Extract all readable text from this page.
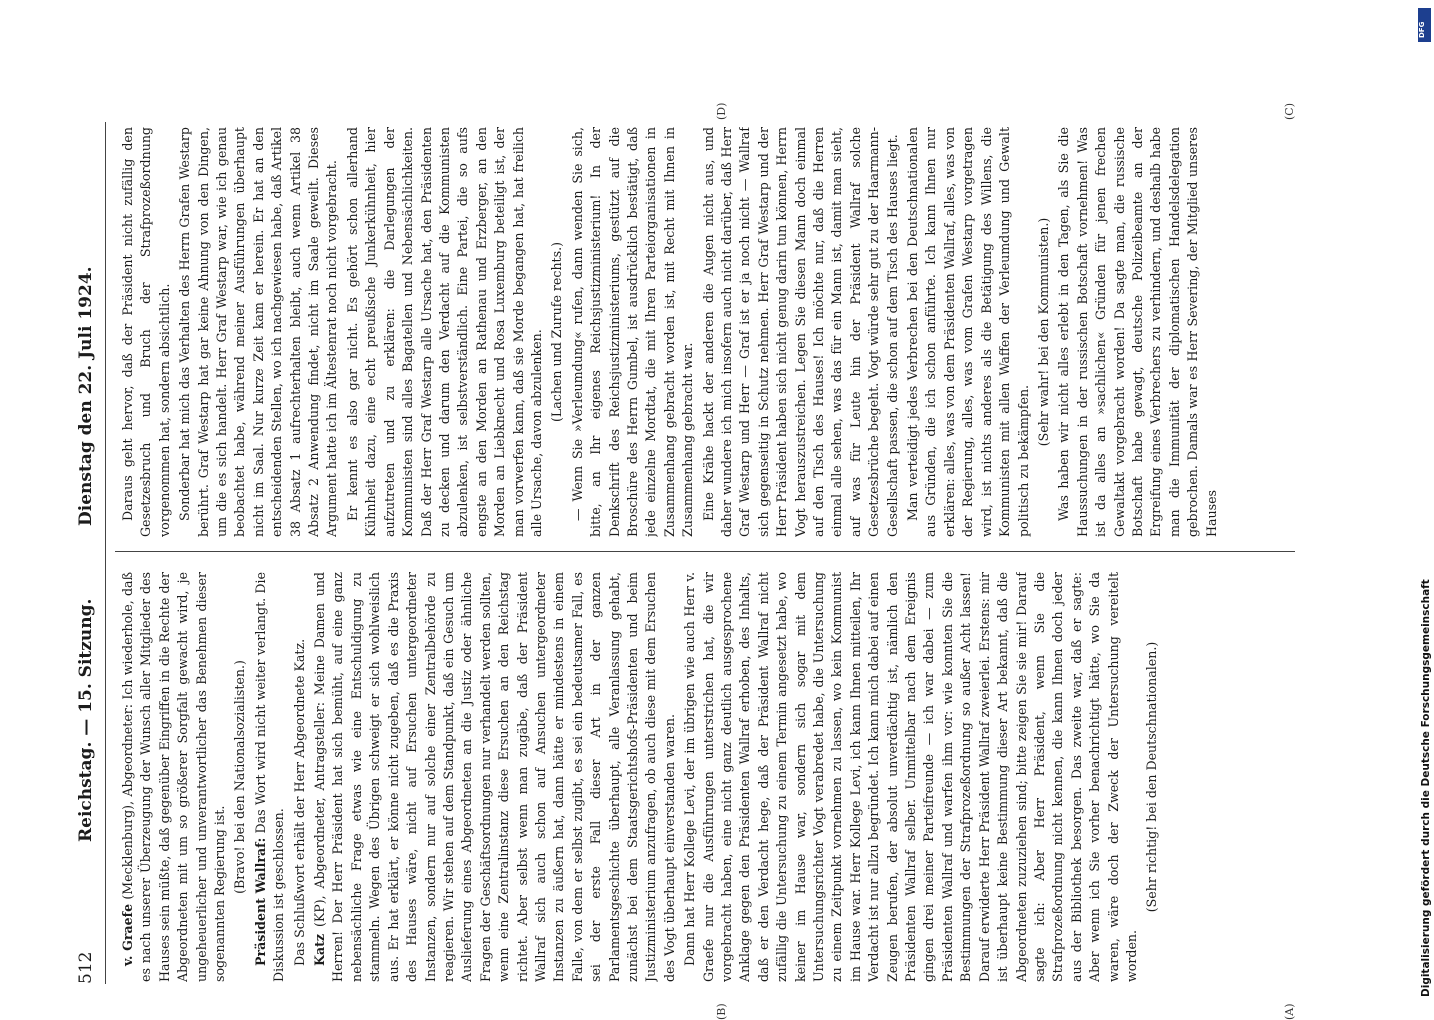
512
Reichstag. — 15. Sitzung.
Dienstag den 22. Juli 1924.

v. Graefe (Mecklenburg), Abgeordneter: Ich wiederhole, daß es nach unserer Überzeugung der Wunsch aller Mitglieder des Hauses sein müßte, daß gegenüber Eingriffen in die Rechte der Abgeordneten mit um so größerer Sorgfalt gewacht wird, je ungeheuerlicher und unverantwortlicher das Benehmen dieser sogenannten Regierung ist. (Bravo! bei den Nationalsozialisten.)

Präsident Wallraf: Das Wort wird nicht weiter verlangt. Die Diskussion ist geschlossen. Das Schlußwort erhält der Herr Abgeordnete Katz. Katz (KP), Abgeordneter, Antragsteller: Meine Damen und Herren! Der Herr Präsident hat sich bemüht, auf eine ganz nebensächliche Frage etwas wie eine Entschuldigung zu stammeln. Wegen des Übrigen schweigt er sich wohlweislich aus. Er hat erklärt, er könne nicht zugeben, daß es die Praxis des Hauses wäre, nicht auf Ersuchen untergeordneter Instanzen, sondern nur auf solche einer Zentralbehörde zu reagieren. Wir stehen auf dem Standpunkt, daß ein Gesuch um Auslieferung eines Abgeordneten an die Justiz oder ähnliche Fragen der Geschäftsordnungen nur verhandelt werden sollten, wenn eine Zentralinstanz diese Ersuchen an den Reichstag richtet. Aber selbst wenn man zugäbe, daß der Präsident Wallraf sich auch schon auf Ansuchen untergeordneter Instanzen zu äußern hat, dann hätte er mindestens in einem Falle, von dem er selbst zugibt, es sei ein bedeutsamer Fall, es sei der erste Fall dieser Art in der ganzen Parlamentsgeschichte überhaupt, alle Veranlassung gehabt, zunächst bei dem Staatsgerichtshofs-Präsidenten und beim Justizministerium anzufragen, ob auch diese mit dem Ersuchen des Vogt überhaupt einverstanden waren. Dann hat Herr Kollege Levi, der im übrigen wie auch Herr v. Graefe nur die Ausführungen unterstrichen hat, die wir vorgebracht haben, eine nicht ganz deutlich ausgesprochene Anklage gegen den Präsidenten Wallraf erhoben, des Inhalts, daß er den Verdacht hege, daß der Präsident Wallraf nicht zufällig die Untersuchung zu einem Termin angesetzt habe, wo keiner im Hause war, sondern sich sogar mit dem Untersuchungsrichter Vogt verabredet habe, die Untersuchung zu einem Zeitpunkt vornehmen zu lassen, wo kein Kommunist im Hause war. Herr Kollege Levi, ich kann Ihnen mitteilen, Ihr Verdacht ist nur allzu begründet. Ich kann mich dabei auf einen Zeugen berufen, der absolut unverdächtig ist, nämlich den Präsidenten Wallraf selber. Unmittelbar nach dem Ereignis gingen drei meiner Parteifreunde — ich war dabei — zum Präsidenten Wallraf und warfen ihm vor: wie konnten Sie die Bestimmungen der Strafprozeßordnung so außer Acht lassen! Darauf erwiderte Herr Präsident Wallraf zweierlei. Erstens: mir ist überhaupt keine Bestimmung dieser Art bekannt, daß die Abgeordneten zuzuziehen sind; bitte zeigen Sie sie mir! Darauf sagte ich: Aber Herr Präsident, wenn Sie die Strafprozeßordnung nicht kennen, die kann Ihnen doch jeder aus der Bibliothek besorgen. Das zweite war, daß er sagte: Aber wenn ich Sie vorher benachrichtigt hätte, wo Sie da waren, wäre doch der Zweck der Untersuchung vereitelt worden.

(Sehr richtig! bei den Deutschnationalen.)

Daraus geht hervor, daß der Präsident nicht zufällig den Gesetzesbruch und Bruch der Strafprozeßordnung vorgenommen hat, sondern absichtlich. Sonderbar hat mich das Verhalten des Herrn Grafen Westarp berührt. Graf Westarp hat gar keine Ahnung von den Dingen, um die es sich handelt. Herr Graf Westarp war, wie ich genau beobachtet habe, während meiner Ausführungen überhaupt nicht im Saal. Nur kurze Zeit kam er herein. Er hat an den entscheidenden Stellen, wo ich nachgewiesen habe, daß Artikel 38 Absatz 1 aufrechterhalten bleibt, auch wenn Artikel 38 Absatz 2 Anwendung findet, nicht im Saale geweilt. Dieses Argument hatte ich im Ältestenrat noch nicht vorgebracht. Er kennt es also gar nicht. Es gehört schon allerhand Kühnheit dazu, eine echt preußische Junkerkühnheit, hier aufzutreten und zu erklären: die Darlegungen der Kommunisten sind alles Bagatellen und Nebensächlichkeiten. Daß der Herr Graf Westarp alle Ursache hat, den Präsidenten zu decken und darum den Verdacht auf die Kommunisten abzulenken, ist selbstverständlich. Eine Partei, die so aufs engste an den Morden an Rathenau und Erzberger, an den Morden an Liebknecht und Rosa Luxemburg beteiligt ist, der man vorwerfen kann, daß sie Morde begangen hat, hat freilich alle Ursache, davon abzulenken. (Lachen und Zurufe rechts.) — Wenn Sie »Verleumdung« rufen, dann wenden Sie sich, bitte, an Ihr eigenes Reichsjustizministerium! In der Denkschrift des Reichsjustizministeriums, gestützt auf die Broschüre des Herrn Gumbel, ist ausdrücklich bestätigt, daß jede einzelne Mordtat, die mit Ihren Parteiorganisationen in Zusammenhang gebracht worden ist, mit Recht mit Ihnen in Zusammenhang gebracht war. Eine Krähe hackt der anderen die Augen nicht aus, und daher wundere ich mich insofern auch nicht darüber, daß Herr Graf Westarp und Herr — Graf ist er ja noch nicht — Wallraf sich gegenseitig in Schutz nehmen. Herr Graf Westarp und der Herr Präsident haben sich nicht genug darin tun können, Herrn Vogt herauszustreichen. Legen Sie diesen Mann doch einmal auf den Tisch des Hauses! Ich möchte nur, daß die Herren einmal alle sehen, was das für ein Mann ist, damit man sieht, auf was für Leute hin der Präsident Wallraf solche Gesetzesbrüche begeht. Vogt würde sehr gut zu der Haarmann-Gesellschaft passen, die schon auf dem Tisch des Hauses liegt. Man verteidigt jedes Verbrechen bei den Deutschnationalen aus Gründen, die ich schon anführte. Ich kann Ihnen nur erklären: alles, was von dem Präsidenten Wallraf, alles, was von der Regierung, alles, was vom Grafen Westarp vorgetragen wird, ist nichts anderes als die Betätigung des Willens, die Kommunisten mit allen Waffen der Verleumdung und Gewalt politisch zu bekämpfen.

(Sehr wahr! bei den Kommunisten.) Was haben wir nicht alles erlebt in den Tagen, als Sie die Haussuchungen in der russischen Botschaft vornehmen! Was ist da alles an »sachlichen« Gründen für jenen frechen Gewaltakt vorgebracht worden! Da sagte man, die russische Botschaft habe gewagt, deutsche Polizeibeamte an der Ergreifung eines Verbrechers zu verhindern, und deshalb habe man die Immunität der diplomatischen Handelsdelegation gebrochen. Damals war es Herr Severing, der Mitglied unseres Hauses

(A)
(B)
(C)
(D)
Digitalisierung gefördert durch die Deutsche Forschungsgemeinschaft
DFG
